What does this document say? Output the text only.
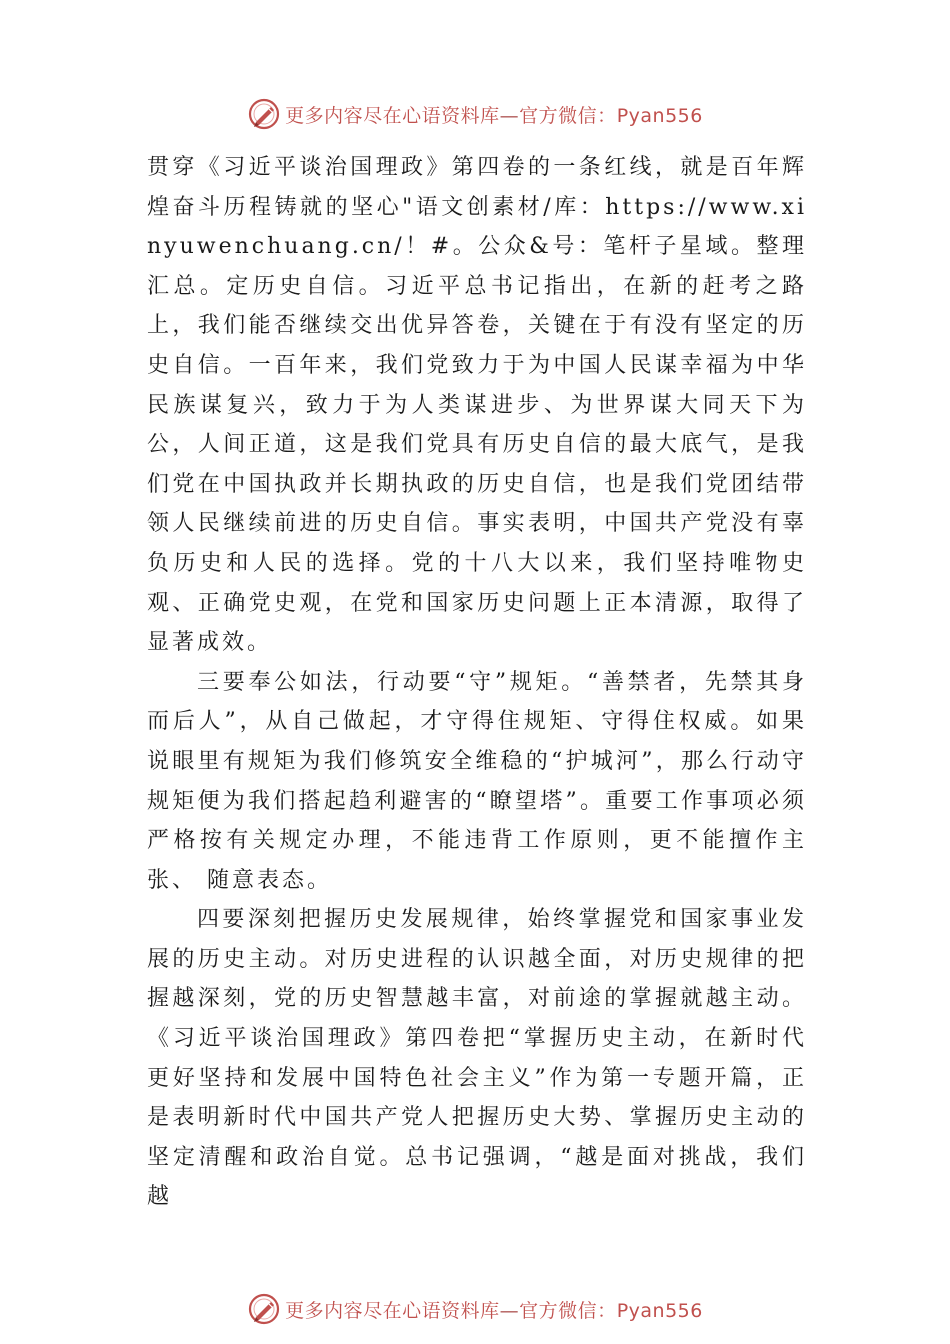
更多内容尽在心语资料库—官方微信：Pyan556

贯穿《习近平谈治国理政》第四卷的一条红线，就是百年辉煌奋斗历程铸就的坚心"语文创素材/库：https://www.xinyuwenchuang.cn/！#。公众&号：笔杆子星域。整理汇总。定历史自信。习近平总书记指出，在新的赶考之路上，我们能否继续交出优异答卷，关键在于有没有坚定的历史自信。一百年来，我们党致力于为中国人民谋幸福为中华民族谋复兴，致力于为人类谋进步、为世界谋大同天下为公，人间正道，这是我们党具有历史自信的最大底气，是我们党在中国执政并长期执政的历史自信，也是我们党团结带领人民继续前进的历史自信。事实表明，中国共产党没有辜负历史和人民的选择。党的十八大以来，我们坚持唯物史观、正确党史观，在党和国家历史问题上正本清源，取得了显著成效。

三要奉公如法，行动要“守”规矩。“善禁者，先禁其身而后人”，从自己做起，才守得住规矩、守得住权威。如果说眼里有规矩为我们修筑安全维稳的“护城河”，那么行动守规矩便为我们搭起趋利避害的“瞭望塔”。重要工作事项必须严格按有关规定办理，不能违背工作原则，更不能擅作主张、 随意表态。

四要深刻把握历史发展规律，始终掌握党和国家事业发展的历史主动。对历史进程的认识越全面，对历史规律的把握越深刻，党的历史智慧越丰富，对前途的掌握就越主动。《习近平谈治国理政》第四卷把“掌握历史主动，在新时代更好坚持和发展中国特色社会主义”作为第一专题开篇，正是表明新时代中国共产党人把握历史大势、掌握历史主动的坚定清醒和政治自觉。总书记强调，“越是面对挑战，我们越

更多内容尽在心语资料库—官方微信：Pyan556
